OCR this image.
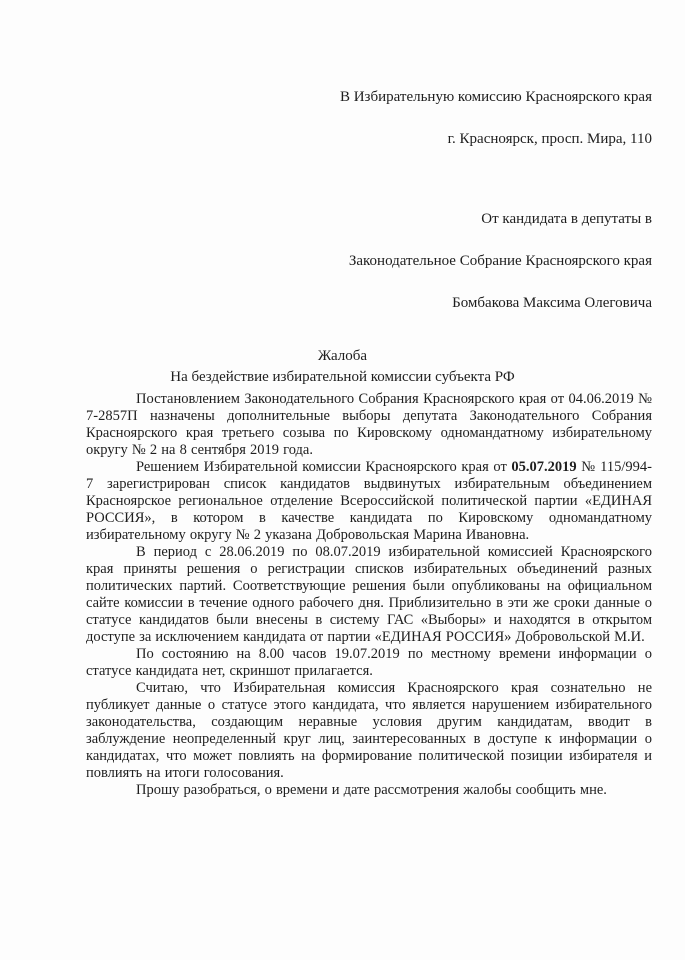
В Избирательную комиссию Красноярского края

г. Красноярск, просп. Мира, 110

От кандидата в депутаты в

Законодательное Собрание Красноярского края

Бомбакова Максима Олеговича

Жалоба
На бездействие избирательной комиссии субъекта РФ

Постановлением Законодательного Собрания Красноярского края от 04.06.2019 № 7-2857П назначены дополнительные выборы депутата Законодательного Собрания Красноярского края третьего созыва по Кировскому одномандатному избирательному округу № 2 на 8 сентября 2019 года.

Решением Избирательной комиссии Красноярского края от 05.07.2019 № 115/994-7 зарегистрирован список кандидатов выдвинутых избирательным объединением Красноярское региональное отделение Всероссийской политической партии «ЕДИНАЯ РОССИЯ», в котором в качестве кандидата по Кировскому одномандатному избирательному округу № 2 указана Добровольская Марина Ивановна.

В период с 28.06.2019 по 08.07.2019 избирательной комиссией Красноярского края приняты решения о регистрации списков избирательных объединений разных политических партий. Соответствующие решения были опубликованы на официальном сайте комиссии в течение одного рабочего дня. Приблизительно в эти же сроки данные о статусе кандидатов были внесены в систему ГАС «Выборы» и находятся в открытом доступе за исключением кандидата от партии «ЕДИНАЯ РОССИЯ» Добровольской М.И.

По состоянию на 8.00 часов 19.07.2019 по местному времени информации о статусе кандидата нет, скриншот прилагается.

Считаю, что Избирательная комиссия Красноярского края сознательно не публикует данные о статусе этого кандидата, что является нарушением избирательного законодательства, создающим неравные условия другим кандидатам, вводит в заблуждение неопределенный круг лиц, заинтересованных в доступе к информации о кандидатах, что может повлиять на формирование политической позиции избирателя и повлиять на итоги голосования.

Прошу разобраться, о времени и дате рассмотрения жалобы сообщить мне.
